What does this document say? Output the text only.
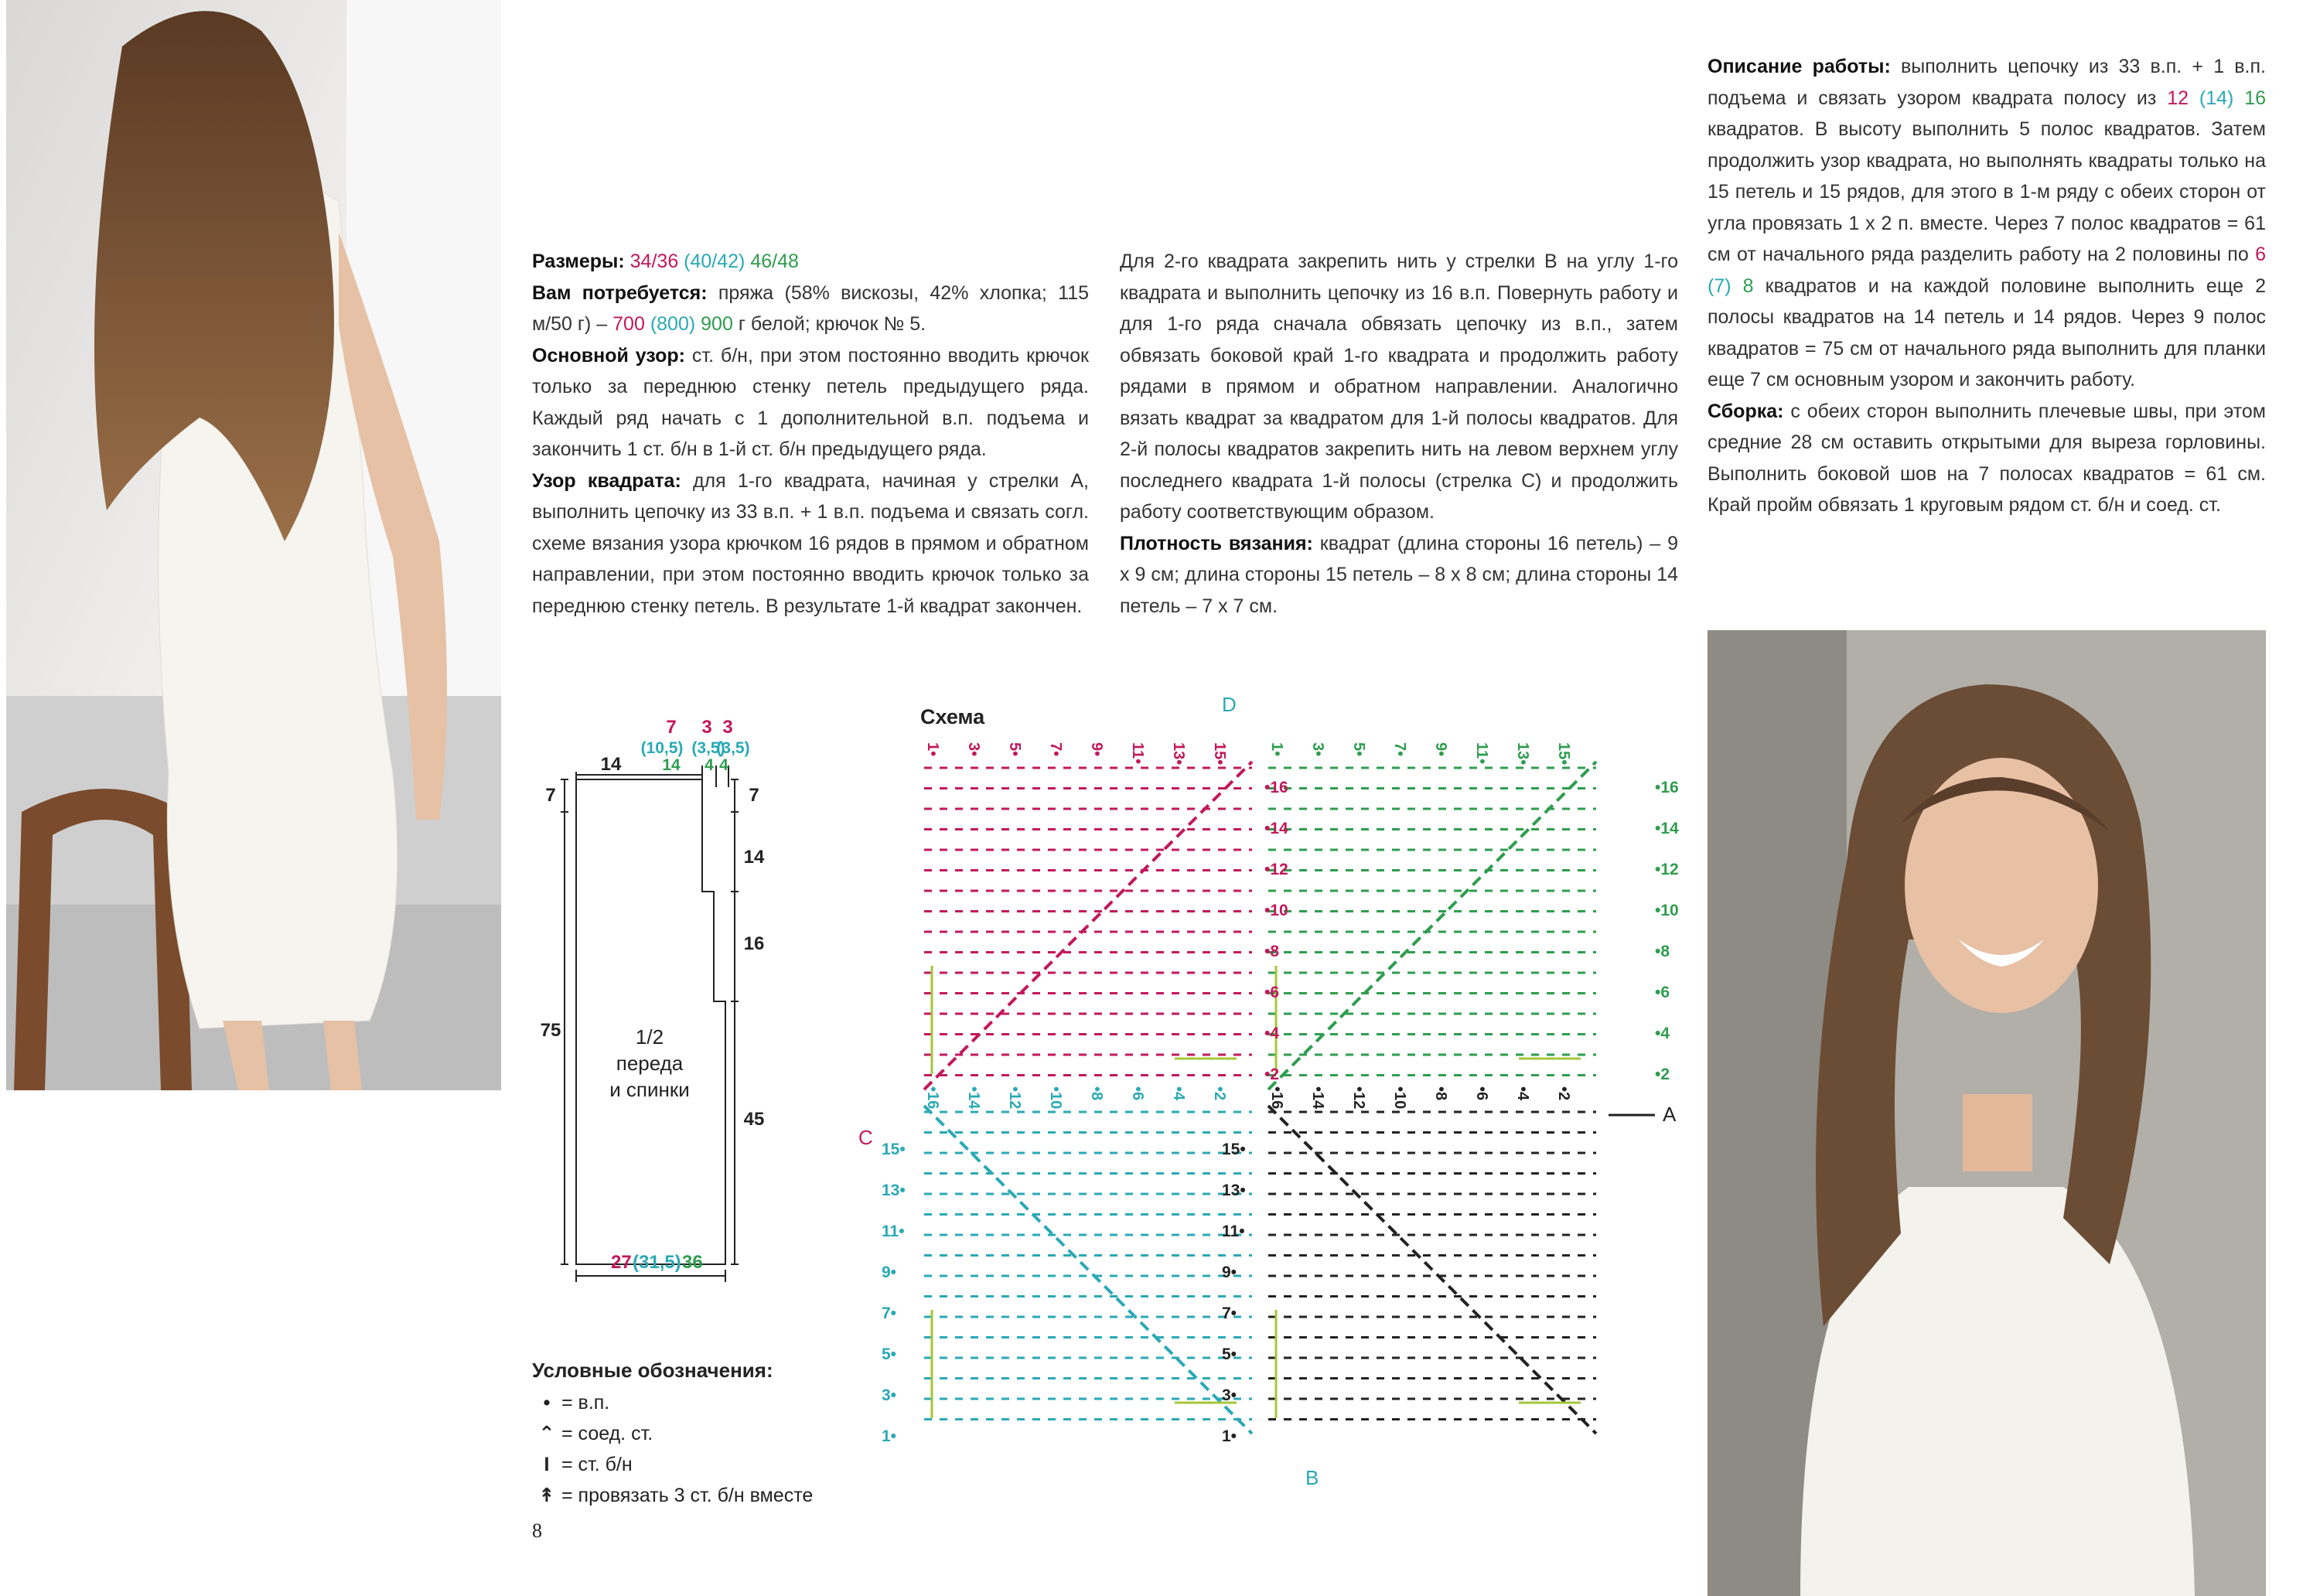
Размеры: 34/36 (40/42) 46/48

Вам потребуется: пряжа (58% вискозы, 42% хлопка; 115 м/50 г) – 700 (800) 900 г белой; крючок № 5.

Основной узор: ст. б/н, при этом постоянно вводить крючок только за переднюю стенку петель предыдущего ряда. Каждый ряд начать с 1 дополнительной в.п. подъема и закончить 1 ст. б/н в 1-й ст. б/н предыдущего ряда.

Узор квадрата: для 1-го квадрата, начиная у стрелки А, выполнить цепочку из 33 в.п. + 1 в.п. подъема и связать согл. схеме вязания узора крючком 16 рядов в прямом и обратном направлении, при этом постоянно вводить крючок только за переднюю стенку петель. В результате 1-й квадрат закончен.

Для 2-го квадрата закрепить нить у стрелки В на углу 1-го квадрата и выполнить цепочку из 16 в.п. Повернуть работу и для 1-го ряда сначала обвязать цепочку из в.п., затем обвязать боковой край 1-го квадрата и продолжить работу рядами в прямом и обратном направлении. Аналогично вязать квадрат за квадратом для 1-й полосы квадратов. Для 2-й полосы квадратов закрепить нить на левом верхнем углу последнего квадрата 1-й полосы (стрелка С) и продолжить работу соответствующим образом.

Плотность вязания: квадрат (длина стороны 16 петель) – 9 х 9 см; длина стороны 15 петель – 8 х 8 см; длина стороны 14 петель – 7 х 7 см.

Описание работы: выполнить цепочку из 33 в.п. + 1 в.п. подъема и связать узором квадрата полосу из 12 (14) 16 квадратов. В высоту выполнить 5 полос квадратов. Затем продолжить узор квадрата, но выполнять квадраты только на 15 петель и 15 рядов, для этого в 1-м ряду с обеих сторон от угла провязать 1 х 2 п. вместе. Через 7 полос квадратов = 61 см от начального ряда разделить работу на 2 половины по 6 (7) 8 квадратов и на каждой половине выполнить еще 2 полосы квадратов на 14 петель и 14 рядов. Через 9 полос квадратов = 75 см от начального ряда выполнить для планки еще 7 см основным узором и закончить работу.

Сборка: с обеих сторон выполнить плечевые швы, при этом средние 28 см оставить открытыми для выреза горловины. Выполнить боковой шов на 7 полосах квадратов = 61 см. Край пройм обвязать 1 круговым рядом ст. б/н и соед. ст.

7 3 3
(10,5) (3,5)
(3,5)
14	14 4 4
7	7
14
16
75
45
1/2
переда
и спинки
27 (31,5) 36
Схема
•16
•16
•14
•14
•12
•12
•10
•10
•8
•8
•6
•6
•4
•4
•2
•2
15•	15•
13•	13•
11•	11•
9•	9•
7•	7•
5•	5•
3•	3•
1•	1•
1•	1•
3•	3•
5•	5•
7•	7•
9•	9•
11•	11•
13•	13•
15•	15•
•16	•16
•14	•14
•12	•12
•10	•10
•8	•8
•6	•6
•4	•4
•2	•2
A
B
C
D
Условные обозначения:
• = в.п.
⌃ = соед. ст.
I = ст. б/н
↟ = провязать 3 ст. б/н вместе
8
